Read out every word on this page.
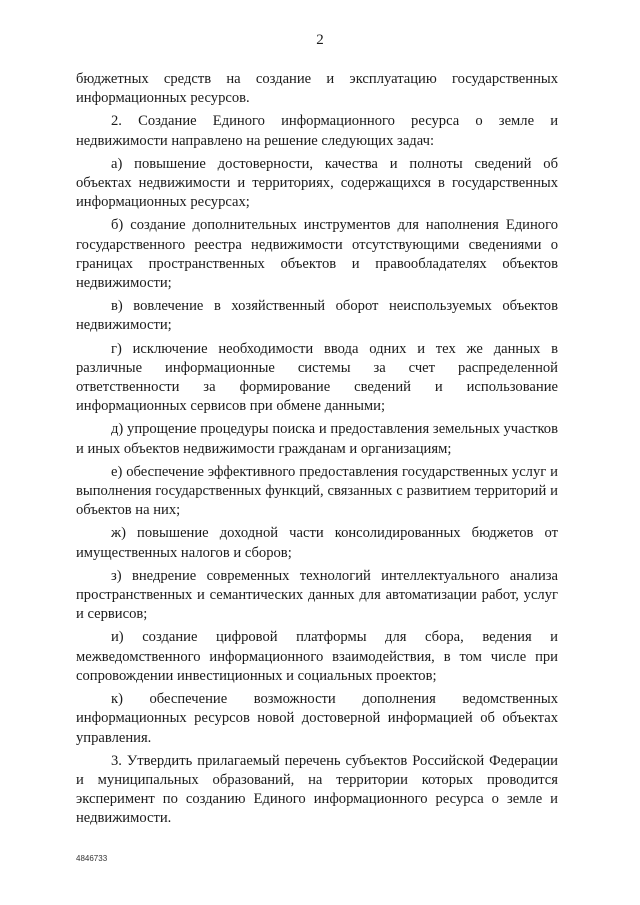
2

бюджетных средств на создание и эксплуатацию государственных информационных ресурсов.

2. Создание Единого информационного ресурса о земле и недвижимости направлено на решение следующих задач:

а) повышение достоверности, качества и полноты сведений об объектах недвижимости и территориях, содержащихся в государственных информационных ресурсах;

б) создание дополнительных инструментов для наполнения Единого государственного реестра недвижимости отсутствующими сведениями о границах пространственных объектов и правообладателях объектов недвижимости;

в) вовлечение в хозяйственный оборот неиспользуемых объектов недвижимости;

г) исключение необходимости ввода одних и тех же данных в различные информационные системы за счет распределенной ответственности за формирование сведений и использование информационных сервисов при обмене данными;

д) упрощение процедуры поиска и предоставления земельных участков и иных объектов недвижимости гражданам и организациям;

е) обеспечение эффективного предоставления государственных услуг и выполнения государственных функций, связанных с развитием территорий и объектов на них;

ж) повышение доходной части консолидированных бюджетов от имущественных налогов и сборов;

з) внедрение современных технологий интеллектуального анализа пространственных и семантических данных для автоматизации работ, услуг и сервисов;

и) создание цифровой платформы для сбора, ведения и межведомственного информационного взаимодействия, в том числе при сопровождении инвестиционных и социальных проектов;

к) обеспечение возможности дополнения ведомственных информационных ресурсов новой достоверной информацией об объектах управления.

3. Утвердить прилагаемый перечень субъектов Российской Федерации и муниципальных образований, на территории которых проводится эксперимент по созданию Единого информационного ресурса о земле и недвижимости.

4846733
